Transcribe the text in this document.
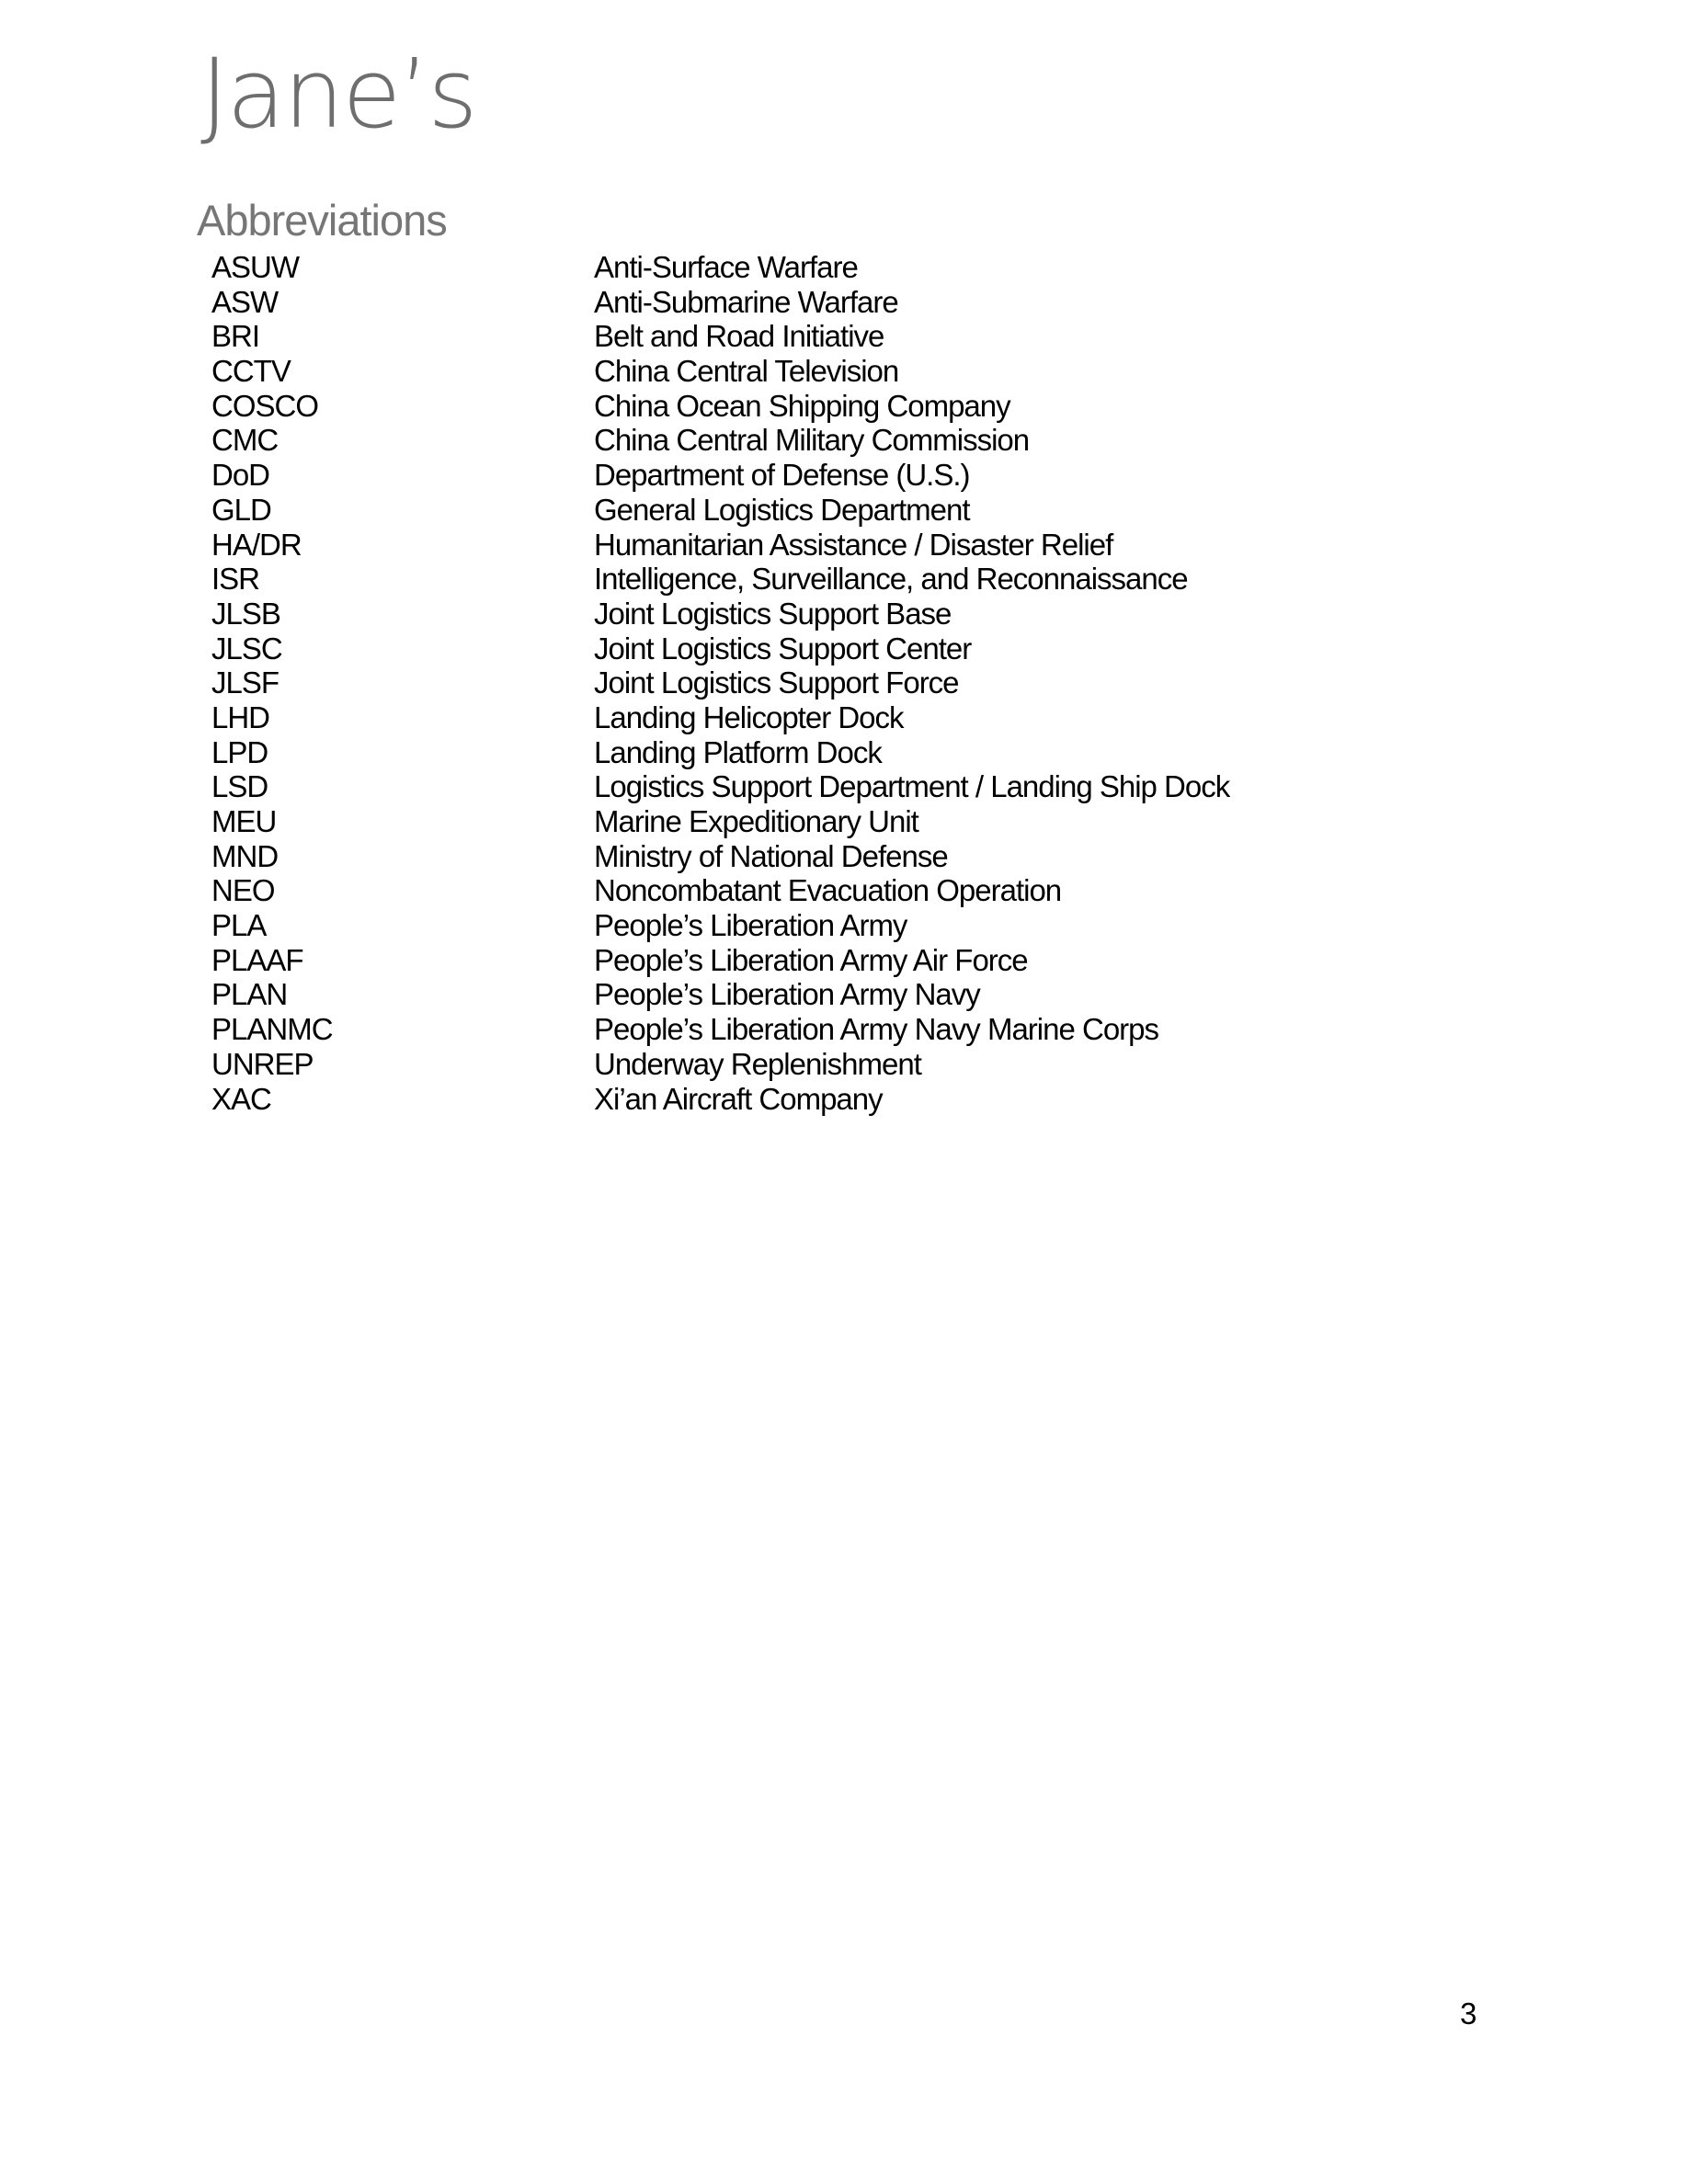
Jane’s
Abbreviations
ASUW	Anti-Surface Warfare
ASW	Anti-Submarine Warfare
BRI	Belt and Road Initiative
CCTV	China Central Television
COSCO	China Ocean Shipping Company
CMC	China Central Military Commission
DoD	Department of Defense (U.S.)
GLD	General Logistics Department
HA/DR	Humanitarian Assistance / Disaster Relief
ISR	Intelligence, Surveillance, and Reconnaissance
JLSB	Joint Logistics Support Base
JLSC	Joint Logistics Support Center
JLSF	Joint Logistics Support Force
LHD	Landing Helicopter Dock
LPD	Landing Platform Dock
LSD	Logistics Support Department / Landing Ship Dock
MEU	Marine Expeditionary Unit
MND	Ministry of National Defense
NEO	Noncombatant Evacuation Operation
PLA	People’s Liberation Army
PLAAF	People’s Liberation Army Air Force
PLAN	People’s Liberation Army Navy
PLANMC	People’s Liberation Army Navy Marine Corps
UNREP	Underway Replenishment
XAC	Xi’an Aircraft Company
3
